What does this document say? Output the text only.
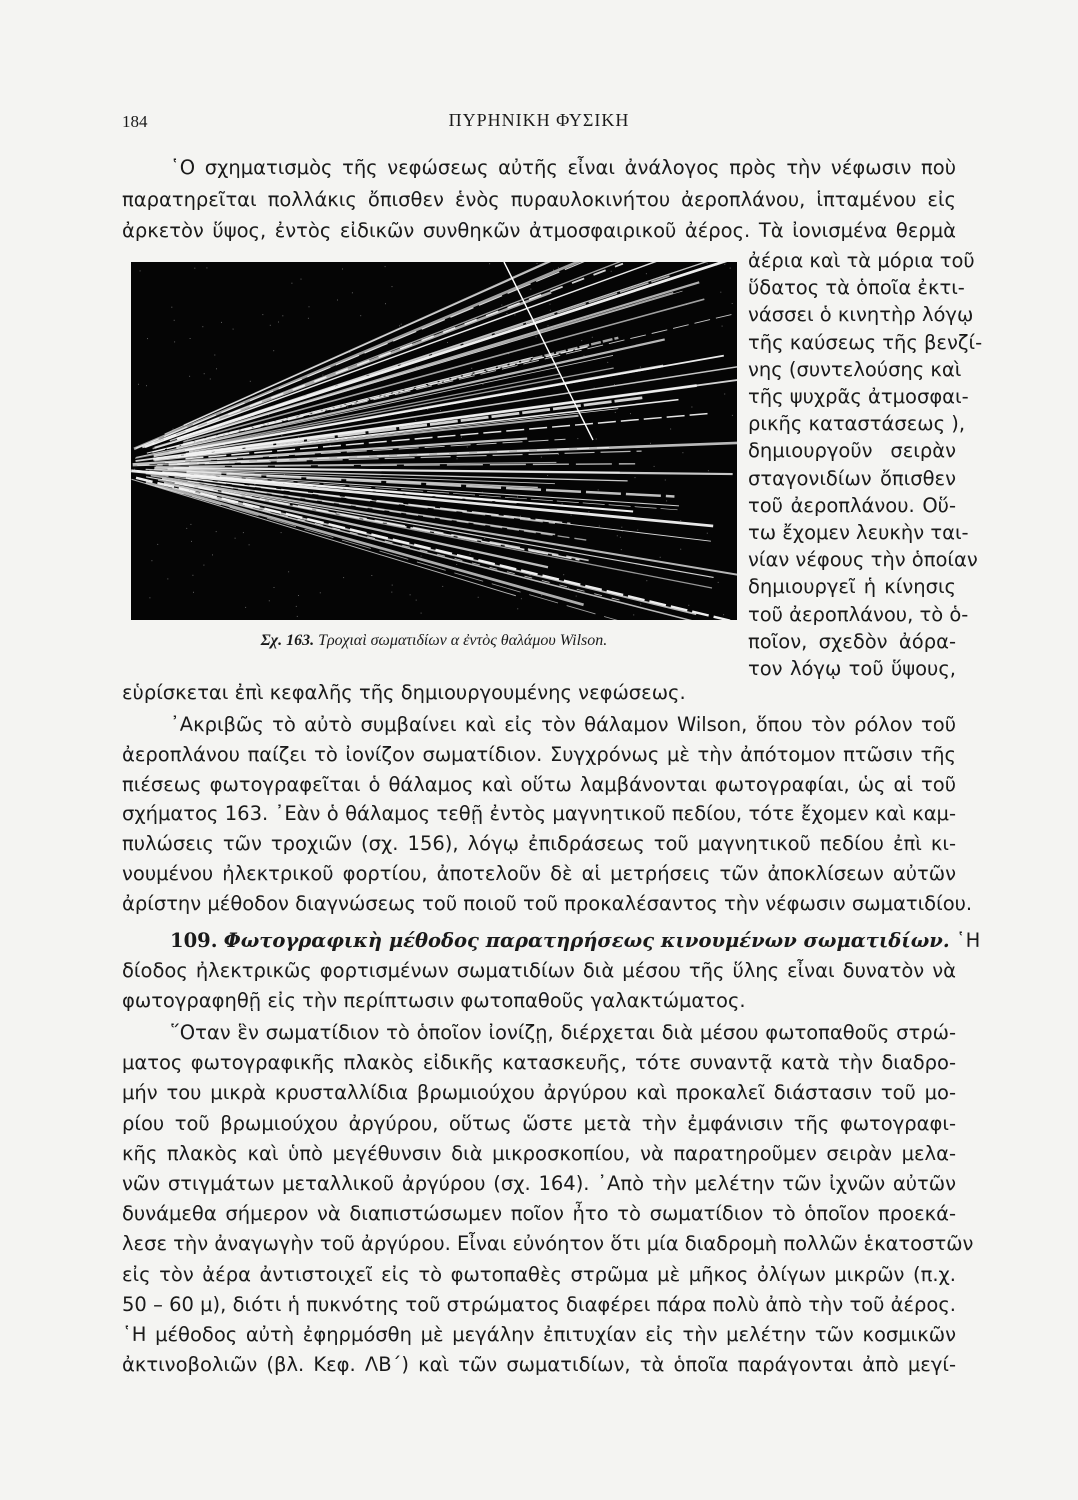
184	ΠΥΡΗΝΙΚΗ ΦΥΣΙΚΗ
῾Ο σχηματισμὸς τῆς νεφώσεως αὐτῆς εἶναι ἀνάλογος πρὸς τὴν νέφωσιν ποὺ
παρατηρεῖται πολλάκις ὄπισθεν ἑνὸς πυραυλοκινήτου ἀεροπλάνου, ἱπταμένου εἰς
ἀρκετὸν ὕψος, ἐντὸς εἰδικῶν συνθηκῶν ἀτμοσφαιρικοῦ ἀέρος. Τὰ ἰονισμένα θερμὰ
Σχ. 163. Τροχιαὶ σωματιδίων α ἐντὸς θαλάμου Wilson.
ἀέρια καὶ τὰ μόρια τοῦ
ὕδατος τὰ ὁποῖα ἐκτι-
νάσσει ὁ κινητὴρ λόγῳ
τῆς καύσεως τῆς βενζί-
νης (συντελούσης καὶ
τῆς ψυχρᾶς ἀτμοσφαι-
ρικῆς καταστάσεως ),
δημιουργοῦν σειρὰν
σταγονιδίων ὄπισθεν
τοῦ ἀεροπλάνου. Οὕ-
τω ἔχομεν λευκὴν ται-
νίαν νέφους τὴν ὁποίαν
δημιουργεῖ ἡ κίνησις
τοῦ ἀεροπλάνου, τὸ ὁ-
ποῖον, σχεδὸν ἀόρα-
τον λόγῳ τοῦ ὕψους,
εὑρίσκεται ἐπὶ κεφαλῆς τῆς δημιουργουμένης νεφώσεως.
᾿Ακριβῶς τὸ αὐτὸ συμβαίνει καὶ εἰς τὸν θάλαμον Wilson, ὅπου τὸν ρόλον τοῦ
ἀεροπλάνου παίζει τὸ ἰονίζον σωματίδιον. Συγχρόνως μὲ τὴν ἀπότομον πτῶσιν τῆς
πιέσεως φωτογραφεῖται ὁ θάλαμος καὶ οὕτω λαμβάνονται φωτογραφίαι, ὡς αἱ τοῦ
σχήματος 163. ᾿Εὰν ὁ θάλαμος τεθῇ ἐντὸς μαγνητικοῦ πεδίου, τότε ἔχομεν καὶ καμ-
πυλώσεις τῶν τροχιῶν (σχ. 156), λόγῳ ἐπιδράσεως τοῦ μαγνητικοῦ πεδίου ἐπὶ κι-
νουμένου ἠλεκτρικοῦ φορτίου, ἀποτελοῦν δὲ αἱ μετρήσεις τῶν ἀποκλίσεων αὐτῶν
ἀρίστην μέθοδον διαγνώσεως τοῦ ποιοῦ τοῦ προκαλέσαντος τὴν νέφωσιν σωματιδίου.
109. Φωτογραφικὴ μέθοδος παρατηρήσεως κινουμένων σωματιδίων. ῾Η
δίοδος ἠλεκτρικῶς φορτισμένων σωματιδίων διὰ μέσου τῆς ὕλης εἶναι δυνατὸν νὰ
φωτογραφηθῇ εἰς τὴν περίπτωσιν φωτοπαθοῦς γαλακτώματος.
῞Οταν ἓν σωματίδιον τὸ ὁποῖον ἰονίζῃ, διέρχεται διὰ μέσου φωτοπαθοῦς στρώ-
ματος φωτογραφικῆς πλακὸς εἰδικῆς κατασκευῆς, τότε συναντᾷ κατὰ τὴν διαδρο-
μήν του μικρὰ κρυσταλλίδια βρωμιούχου ἀργύρου καὶ προκαλεῖ διάστασιν τοῦ μο-
ρίου τοῦ βρωμιούχου ἀργύρου, οὕτως ὥστε μετὰ τὴν ἐμφάνισιν τῆς φωτογραφι-
κῆς πλακὸς καὶ ὑπὸ μεγέθυνσιν διὰ μικροσκοπίου, νὰ παρατηροῦμεν σειρὰν μελα-
νῶν στιγμάτων μεταλλικοῦ ἀργύρου (σχ. 164). ᾿Απὸ τὴν μελέτην τῶν ἰχνῶν αὐτῶν
δυνάμεθα σήμερον νὰ διαπιστώσωμεν ποῖον ἦτο τὸ σωματίδιον τὸ ὁποῖον προεκά-
λεσε τὴν ἀναγωγὴν τοῦ ἀργύρου. Εἶναι εὐνόητον ὅτι μία διαδρομὴ πολλῶν ἑκατοστῶν
εἰς τὸν ἀέρα ἀντιστοιχεῖ εἰς τὸ φωτοπαθὲς στρῶμα μὲ μῆκος ὀλίγων μικρῶν (π.χ.
50 – 60 μ), διότι ἡ πυκνότης τοῦ στρώματος διαφέρει πάρα πολὺ ἀπὸ τὴν τοῦ ἀέρος.
῾Η μέθοδος αὐτὴ ἐφηρμόσθη μὲ μεγάλην ἐπιτυχίαν εἰς τὴν μελέτην τῶν κοσμικῶν
ἀκτινοβολιῶν (βλ. Κεφ. ΛΒ΄) καὶ τῶν σωματιδίων, τὰ ὁποῖα παράγονται ἀπὸ μεγί-
